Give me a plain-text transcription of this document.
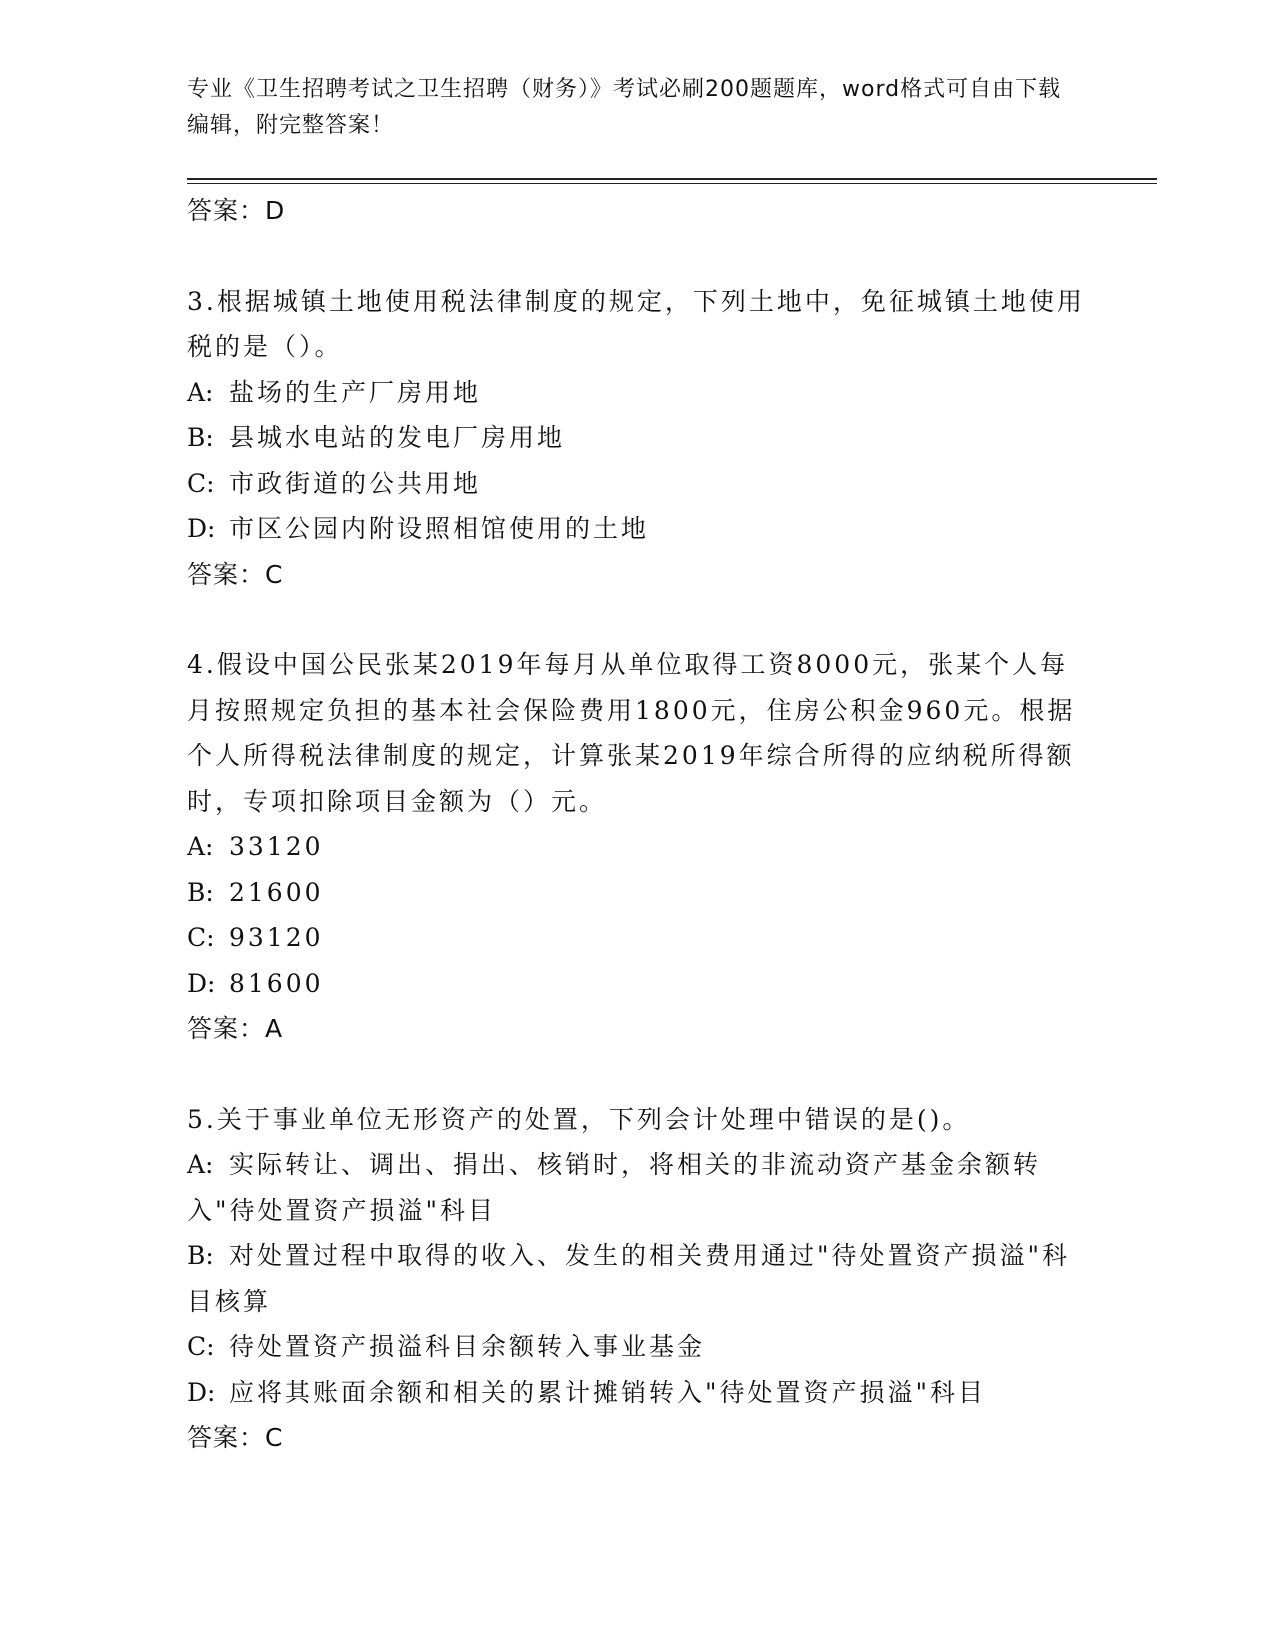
专业《卫生招聘考试之卫生招聘（财务）》考试必刷200题题库，word格式可自由下载编辑，附完整答案！
答案：D
3.根据城镇土地使用税法律制度的规定，下列土地中，免征城镇土地使用税的是（）。
A: 盐场的生产厂房用地
B: 县城水电站的发电厂房用地
C: 市政街道的公共用地
D: 市区公园内附设照相馆使用的土地
答案：C
4.假设中国公民张某2019年每月从单位取得工资8000元，张某个人每月按照规定负担的基本社会保险费用1800元，住房公积金960元。根据个人所得税法律制度的规定，计算张某2019年综合所得的应纳税所得额时，专项扣除项目金额为（）元。
A: 33120
B: 21600
C: 93120
D: 81600
答案：A
5.关于事业单位无形资产的处置，下列会计处理中错误的是()。
A: 实际转让、调出、捐出、核销时，将相关的非流动资产基金余额转入"待处置资产损溢"科目
B: 对处置过程中取得的收入、发生的相关费用通过"待处置资产损溢"科目核算
C: 待处置资产损溢科目余额转入事业基金
D: 应将其账面余额和相关的累计摊销转入"待处置资产损溢"科目
答案：C
